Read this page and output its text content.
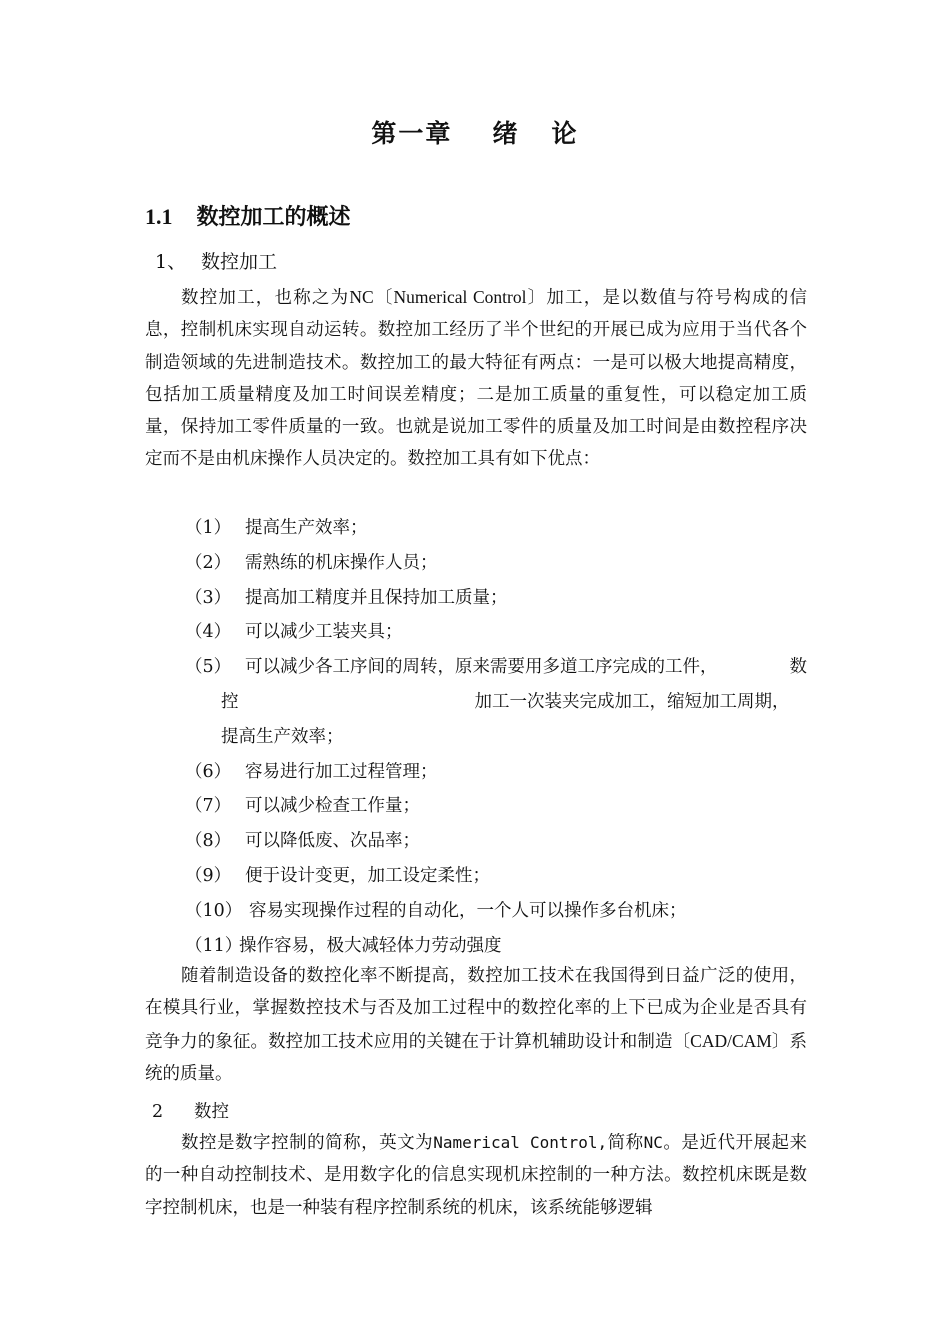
第一章 绪   论
1.1 数控加工的概述
1、 数控加工
数控加工，也称之为NC〔Numerical Control〕加工，是以数值与符号构成的信息，控制机床实现自动运转。数控加工经历了半个世纪的开展已成为应用于当代各个制造领域的先进制造技术。数控加工的最大特征有两点：一是可以极大地提高精度，包括加工质量精度及加工时间误差精度；二是加工质量的重复性，可以稳定加工质量，保持加工零件质量的一致。也就是说加工零件的质量及加工时间是由数控程序决定而不是由机床操作人员决定的。数控加工具有如下优点：
（1） 提高生产效率；
（2） 需熟练的机床操作人员；
（3） 提高加工精度并且保持加工质量；
（4） 可以减少工装夹具；
（5） 可以减少各工序间的周转，原来需要用多道工序完成的工件，	数
控	加工一次装夹完成加工，缩短加工周期，
提高生产效率；
（6） 容易进行加工过程管理；
（7） 可以减少检查工作量；
（8） 可以降低废、次品率；
（9） 便于设计变更，加工设定柔性；
（10） 容易实现操作过程的自动化，一个人可以操作多台机床；
（11）操作容易，极大减轻体力劳动强度
随着制造设备的数控化率不断提高，数控加工技术在我国得到日益广泛的使用，在模具行业，掌握数控技术与否及加工过程中的数控化率的上下已成为企业是否具有竞争力的象征。数控加工技术应用的关键在于计算机辅助设计和制造〔CAD/CAM〕系统的质量。
2 数控
数控是数字控制的简称，英文为Namerical Control,简称NC。是近代开展起来的一种自动控制技术、是用数字化的信息实现机床控制的一种方法。数控机床既是数字控制机床，也是一种装有程序控制系统的机床，该系统能够逻辑
